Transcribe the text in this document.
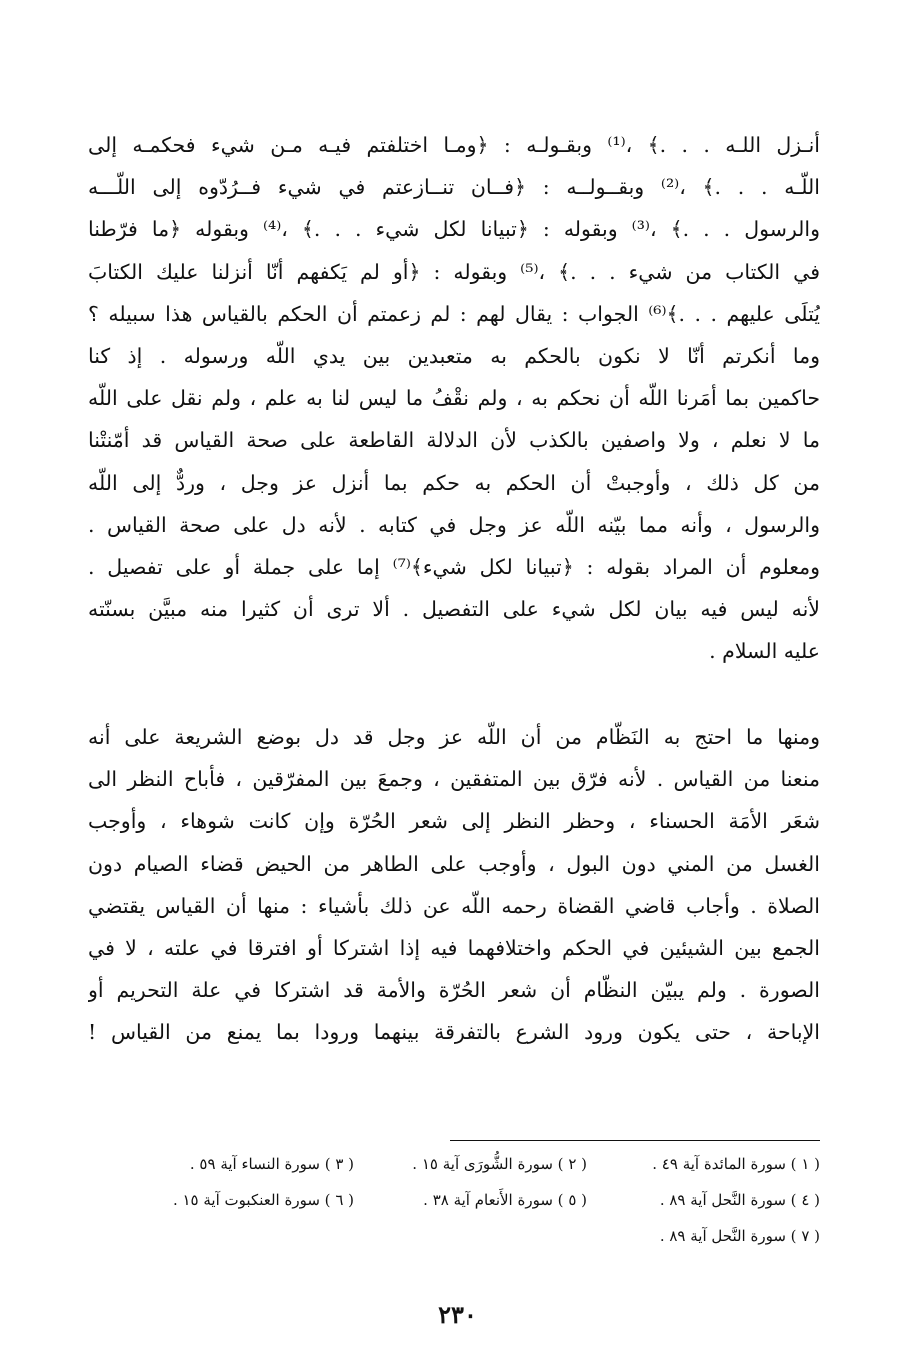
أنـزل اللـه . . .﴾ ،⁽¹⁾ وبقـولـه : ﴿ومـا اختلفتم فيـه مـن شيء فحكمـه إلى
اللّـه . . .﴾ ،⁽²⁾ وبقــولــه : ﴿فــان تنــازعتم في شيء فــرُدّوه إلى اللّـــه
والرسول . . .﴾ ،⁽³⁾ وبقوله : ﴿تبيانا لكل شيء . . .﴾ ،⁽⁴⁾ وبقوله ﴿ما فرّطنا
في الكتاب من شيء . . .﴾ ،⁽⁵⁾ وبقوله : ﴿أو لم يَكفهم أنّا أنزلنا عليك الكتابَ
يُتلَى عليهم . . .﴾⁽⁶⁾ الجواب : يقال لهم : لم زعمتم أن الحكم بالقياس هذا سبيله ؟
وما أنكرتم أنّا لا نكون بالحكم به متعبدين بين يدي اللّه ورسوله . إذ كنا
حاكمين بما أمَرنا اللّه أن نحكم به ، ولم نقْفُ ما ليس لنا به علم ، ولم نقل على اللّه
ما لا نعلم ، ولا واصفين بالكذب لأن الدلالة القاطعة على صحة القياس قد أمّنتْنا
من كل ذلك ، وأوجبتْ أن الحكم به حكم بما أنزل عز وجل ، وردٌّ إلى اللّه
والرسول ، وأنه مما بيّنه اللّه عز وجل في كتابه . لأنه دل على صحة القياس .
ومعلوم أن المراد بقوله : ﴿تبيانا لكل شيء﴾⁽⁷⁾ إما على جملة أو على تفصيل .
لأنه ليس فيه بيان لكل شيء على التفصيل . ألا ترى أن كثيرا منه مبيَّن بسنّته
عليه السلام .
ومنها ما احتج به النَظّام من أن اللّه عز وجل قد دل بوضع الشريعة على أنه
منعنا من القياس . لأنه فرّق بين المتفقين ، وجمعَ بين المفرّقين ، فأباح النظر الى
شعَر الأمَة الحسناء ، وحظر النظر إلى شعر الحُرّة وإن كانت شوهاء ، وأوجب
الغسل من المني دون البول ، وأوجب على الطاهر من الحيض قضاء الصيام دون
الصلاة . وأجاب قاضي القضاة رحمه اللّه عن ذلك بأشياء : منها أن القياس يقتضي
الجمع بين الشيئين في الحكم واختلافهما فيه إذا اشتركا أو افترقا في علته ، لا في
الصورة . ولم يبيّن النظّام أن شعر الحُرّة والأمة قد اشتركا في علة التحريم أو
الإباحة ، حتى يكون ورود الشرع بالتفرقة بينهما ورودا بما يمنع من القياس !
( ١ ) سورة المائدة آية ٤٩ .( ٢ ) سورة الشُّورَى آية ١٥ .( ٣ ) سورة النساء آية ٥٩ .
( ٤ ) سورة النَّحل آية ٨٩ .( ٥ ) سورة الأَنعام آية ٣٨ .( ٦ ) سورة العنكبوت آية ١٥ .
( ٧ ) سورة النَّحل آية ٨٩ .
٢٣٠
